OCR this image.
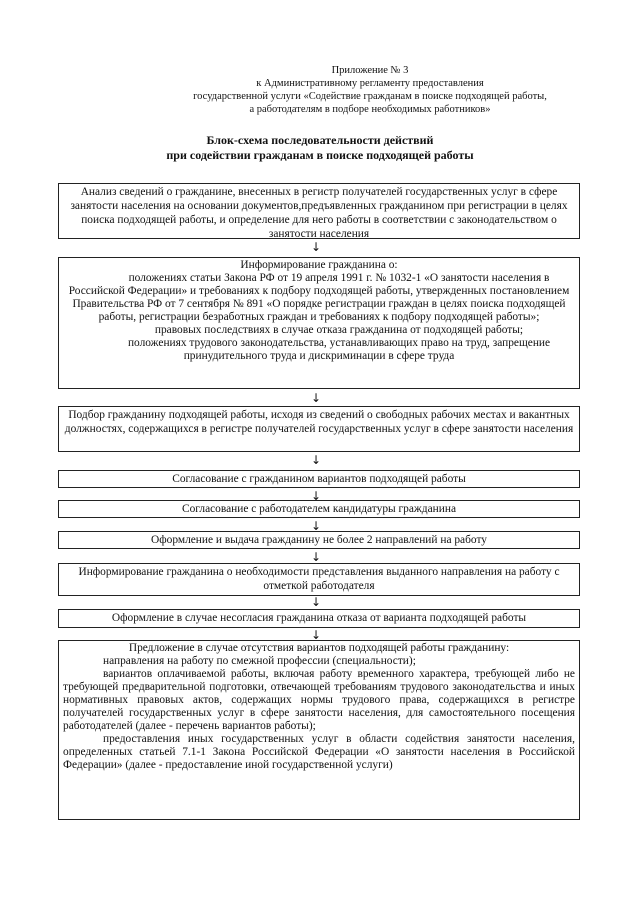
Приложение № 3
к Административному регламенту предоставления
государственной услуги «Содействие гражданам в поиске подходящей работы,
а работодателям в подборе необходимых работников»
Блок-схема последовательности действий
при содействии гражданам в поиске подходящей работы
Анализ сведений о гражданине, внесенных в регистр получателей государственных услуг в сфере занятости населения на основании документов,предъявленных гражданином при регистрации в целях поиска подходящей работы, и определение для него работы в соответствии с законодательством о занятости населения
↓
Информирование гражданина о:
положениях статьи Закона РФ от 19 апреля 1991 г. № 1032-1 «О занятости населения в Российской Федерации» и требованиях к подбору подходящей работы, утвержденных постановлением Правительства РФ от 7 сентября № 891 «О порядке регистрации граждан в целях поиска подходящей работы, регистрации безработных граждан и требованиях к подбору подходящей работы»;
правовых последствиях в случае отказа гражданина от подходящей работы;
положениях трудового законодательства, устанавливающих право на труд, запрещение принудительного труда и дискриминации в сфере труда
↓
Подбор гражданину подходящей работы, исходя из сведений о свободных рабочих местах и вакантных должностях, содержащихся в регистре получателей государственных услуг в сфере занятости населения
↓
Согласование с гражданином вариантов подходящей работы
↓
Согласование с работодателем кандидатуры гражданина
↓
Оформление и выдача гражданину не более 2 направлений на работу
↓
Информирование гражданина о необходимости представления выданного направления на работу с отметкой работодателя
↓
Оформление в случае несогласия гражданина отказа от варианта подходящей работы
↓
Предложение в случае отсутствия вариантов подходящей работы гражданину:
направления на работу по смежной профессии (специальности);
вариантов оплачиваемой работы, включая работу временного характера, требующей либо не требующей предварительной подготовки, отвечающей требованиям трудового законодательства и иных нормативных правовых актов, содержащих нормы трудового права, содержащихся в регистре получателей государственных услуг в сфере занятости населения, для самостоятельного посещения работодателей (далее - перечень вариантов работы);
предоставления иных государственных услуг в области содействия занятости населения, определенных статьей 7.1-1 Закона Российской Федерации «О занятости населения в Российской Федерации» (далее - предоставление иной государственной услуги)
